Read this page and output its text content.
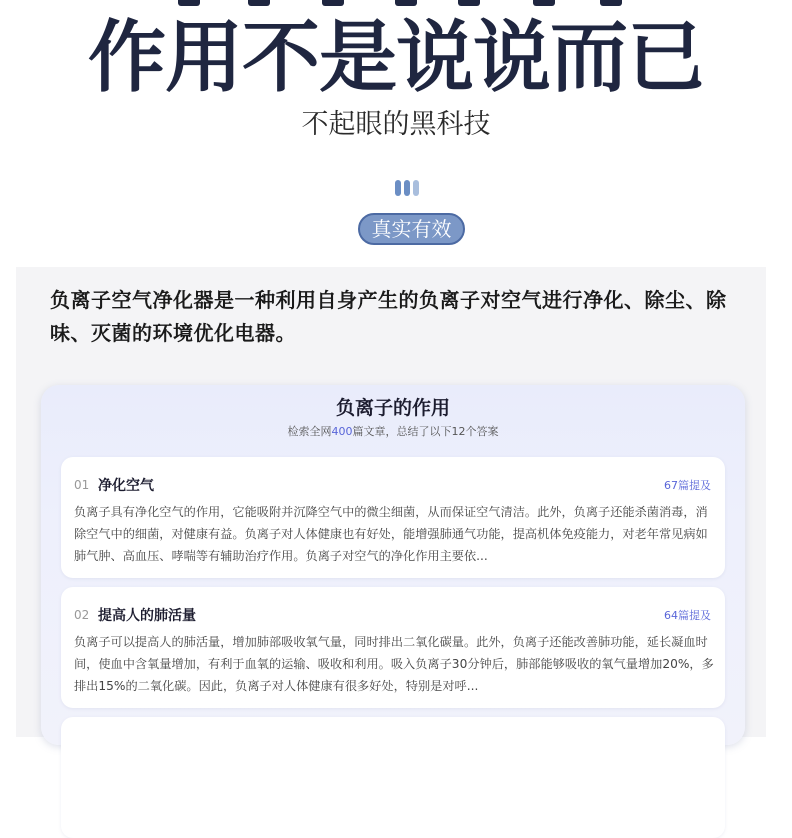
作用不是说说而已
不起眼的黑科技
真实有效
负离子空气净化器是一种利用自身产生的负离子对空气进行净化、除尘、除味、灭菌的环境优化电器。
负离子的作用
检索全网400篇文章，总结了以下12个答案
01 净化空气	67篇提及
负离子具有净化空气的作用，它能吸附并沉降空气中的微尘细菌，从而保证空气清洁。此外，负离子还能杀菌消毒，消除空气中的细菌，对健康有益。负离子对人体健康也有好处，能增强肺通气功能，提高机体免疫能力，对老年常见病如肺气肿、高血压、哮喘等有辅助治疗作用。负离子对空气的净化作用主要依...
02 提高人的肺活量	64篇提及
负离子可以提高人的肺活量，增加肺部吸收氧气量，同时排出二氧化碳量。此外，负离子还能改善肺功能，延长凝血时间，使血中含氧量增加，有利于血氧的运输、吸收和利用。吸入负离子30分钟后，肺部能够吸收的氧气量增加20%，多排出15%的二氧化碳。因此，负离子对人体健康有很多好处，特别是对呼...
